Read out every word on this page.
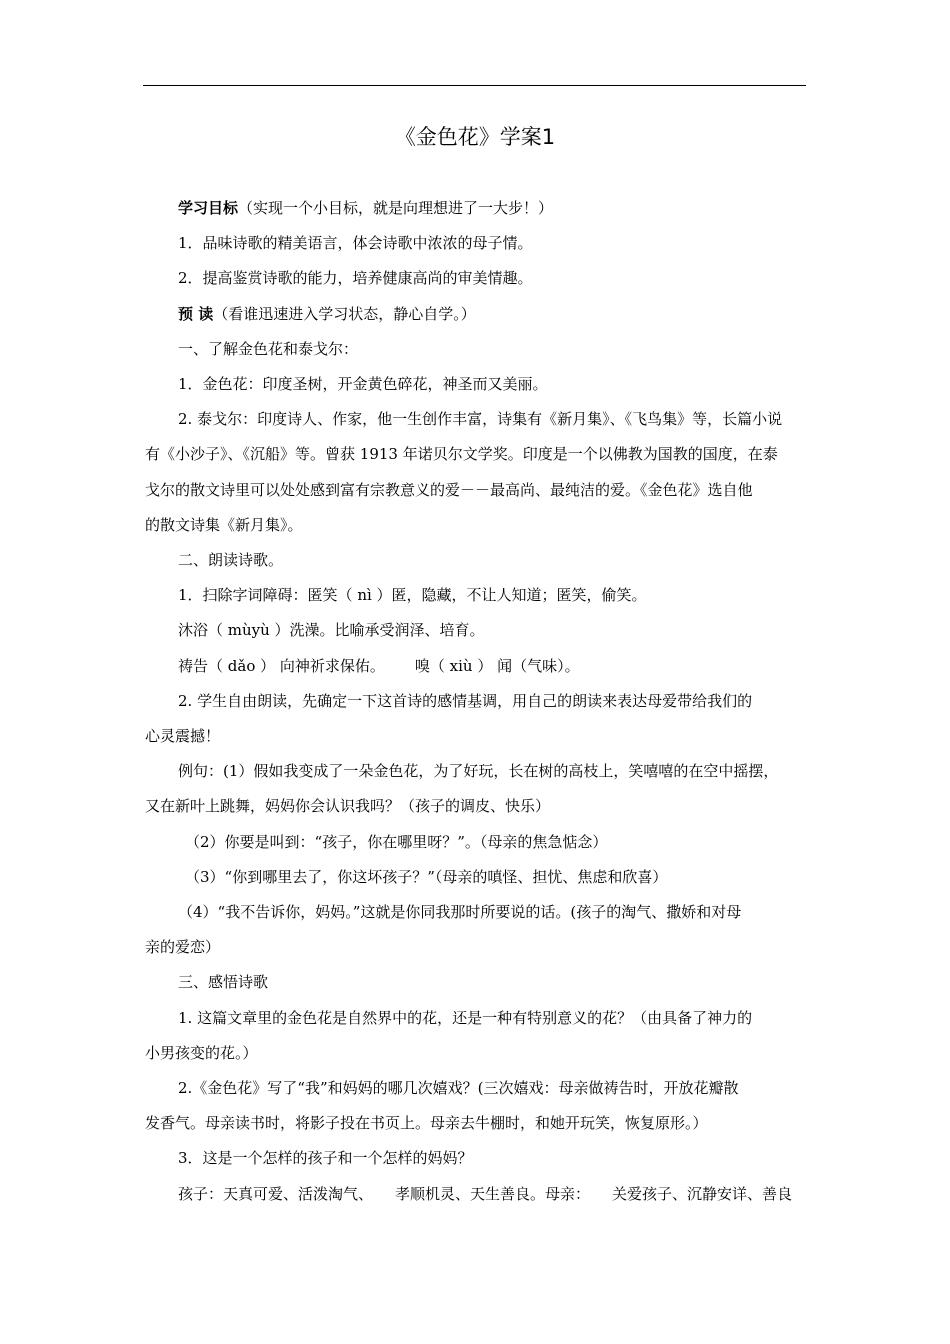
《金色花》学案1

学习目标（实现一个小目标，就是向理想进了一大步！）

1．品味诗歌的精美语言，体会诗歌中浓浓的母子情。

2．提高鉴赏诗歌的能力，培养健康高尚的审美情趣。

预 读（看谁迅速进入学习状态，静心自学。）

一、了解金色花和泰戈尔：

1．金色花：印度圣树，开金黄色碎花，神圣而又美丽。

2. 泰戈尔：印度诗人、作家，他一生创作丰富，诗集有《新月集》、《飞鸟集》等，长篇小说

有《小沙子》、《沉船》等。曾获 1913 年诺贝尔文学奖。印度是一个以佛教为国教的国度，在泰

戈尔的散文诗里可以处处感到富有宗教意义的爱－－最高尚、最纯洁的爱。《金色花》选自他

的散文诗集《新月集》。

二、朗读诗歌。

1．扫除字词障碍：匿笑（ nì ）匿，隐藏，不让人知道；匿笑，偷笑。

沐浴（ mùyù ）洗澡。比喻承受润泽、培育。

祷告（ dǎo ） 向神祈求保佑。 嗅（ xiù ） 闻（气味）。

2. 学生自由朗读，先确定一下这首诗的感情基调，用自己的朗读来表达母爱带给我们的

心灵震撼！

例句：(1）假如我变成了一朵金色花，为了好玩，长在树的高枝上，笑嘻嘻的在空中摇摆，

又在新叶上跳舞，妈妈你会认识我吗？（孩子的调皮、快乐）

（2）你要是叫到：“孩子，你在哪里呀？”。（母亲的焦急惦念）

（3）“你到哪里去了，你这坏孩子？”（母亲的嗔怪、担忧、焦虑和欣喜）

（4）“我不告诉你，妈妈。”这就是你同我那时所要说的话。(孩子的淘气、撒娇和对母

亲的爱恋）

三、感悟诗歌

1. 这篇文章里的金色花是自然界中的花，还是一种有特别意义的花？（由具备了神力的

小男孩变的花。）

2.《金色花》写了“我”和妈妈的哪几次嬉戏？(三次嬉戏：母亲做祷告时，开放花瓣散

发香气。母亲读书时，将影子投在书页上。母亲去牛棚时，和她开玩笑，恢复原形。）

3．这是一个怎样的孩子和一个怎样的妈妈？

孩子：天真可爱、活泼淘气、 孝顺机灵、天生善良。母亲： 关爱孩子、沉静安详、善良
